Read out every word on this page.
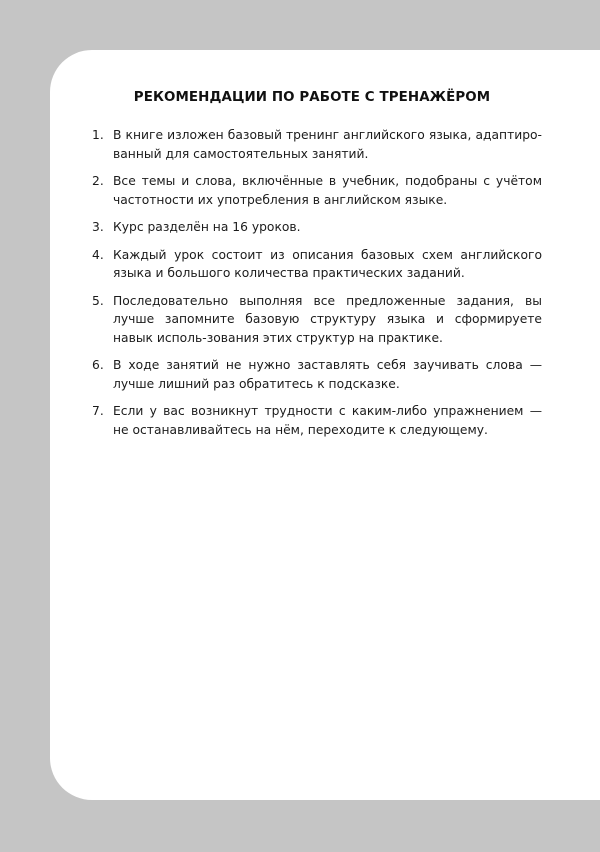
РЕКОМЕНДАЦИИ ПО РАБОТЕ С ТРЕНАЖЁРОМ
1. В книге изложен базовый тренинг английского языка, адаптиро-ванный для самостоятельных занятий.
2. Все темы и слова, включённые в учебник, подобраны с учётом частотности их употребления в английском языке.
3. Курс разделён на 16 уроков.
4. Каждый урок состоит из описания базовых схем английского языка и большого количества практических заданий.
5. Последовательно выполняя все предложенные задания, вы лучше запомните базовую структуру языка и сформируете навык исполь-зования этих структур на практике.
6. В ходе занятий не нужно заставлять себя заучивать слова — лучше лишний раз обратитесь к подсказке.
7. Если у вас возникнут трудности с каким-либо упражнением — не останавливайтесь на нём, переходите к следующему.
